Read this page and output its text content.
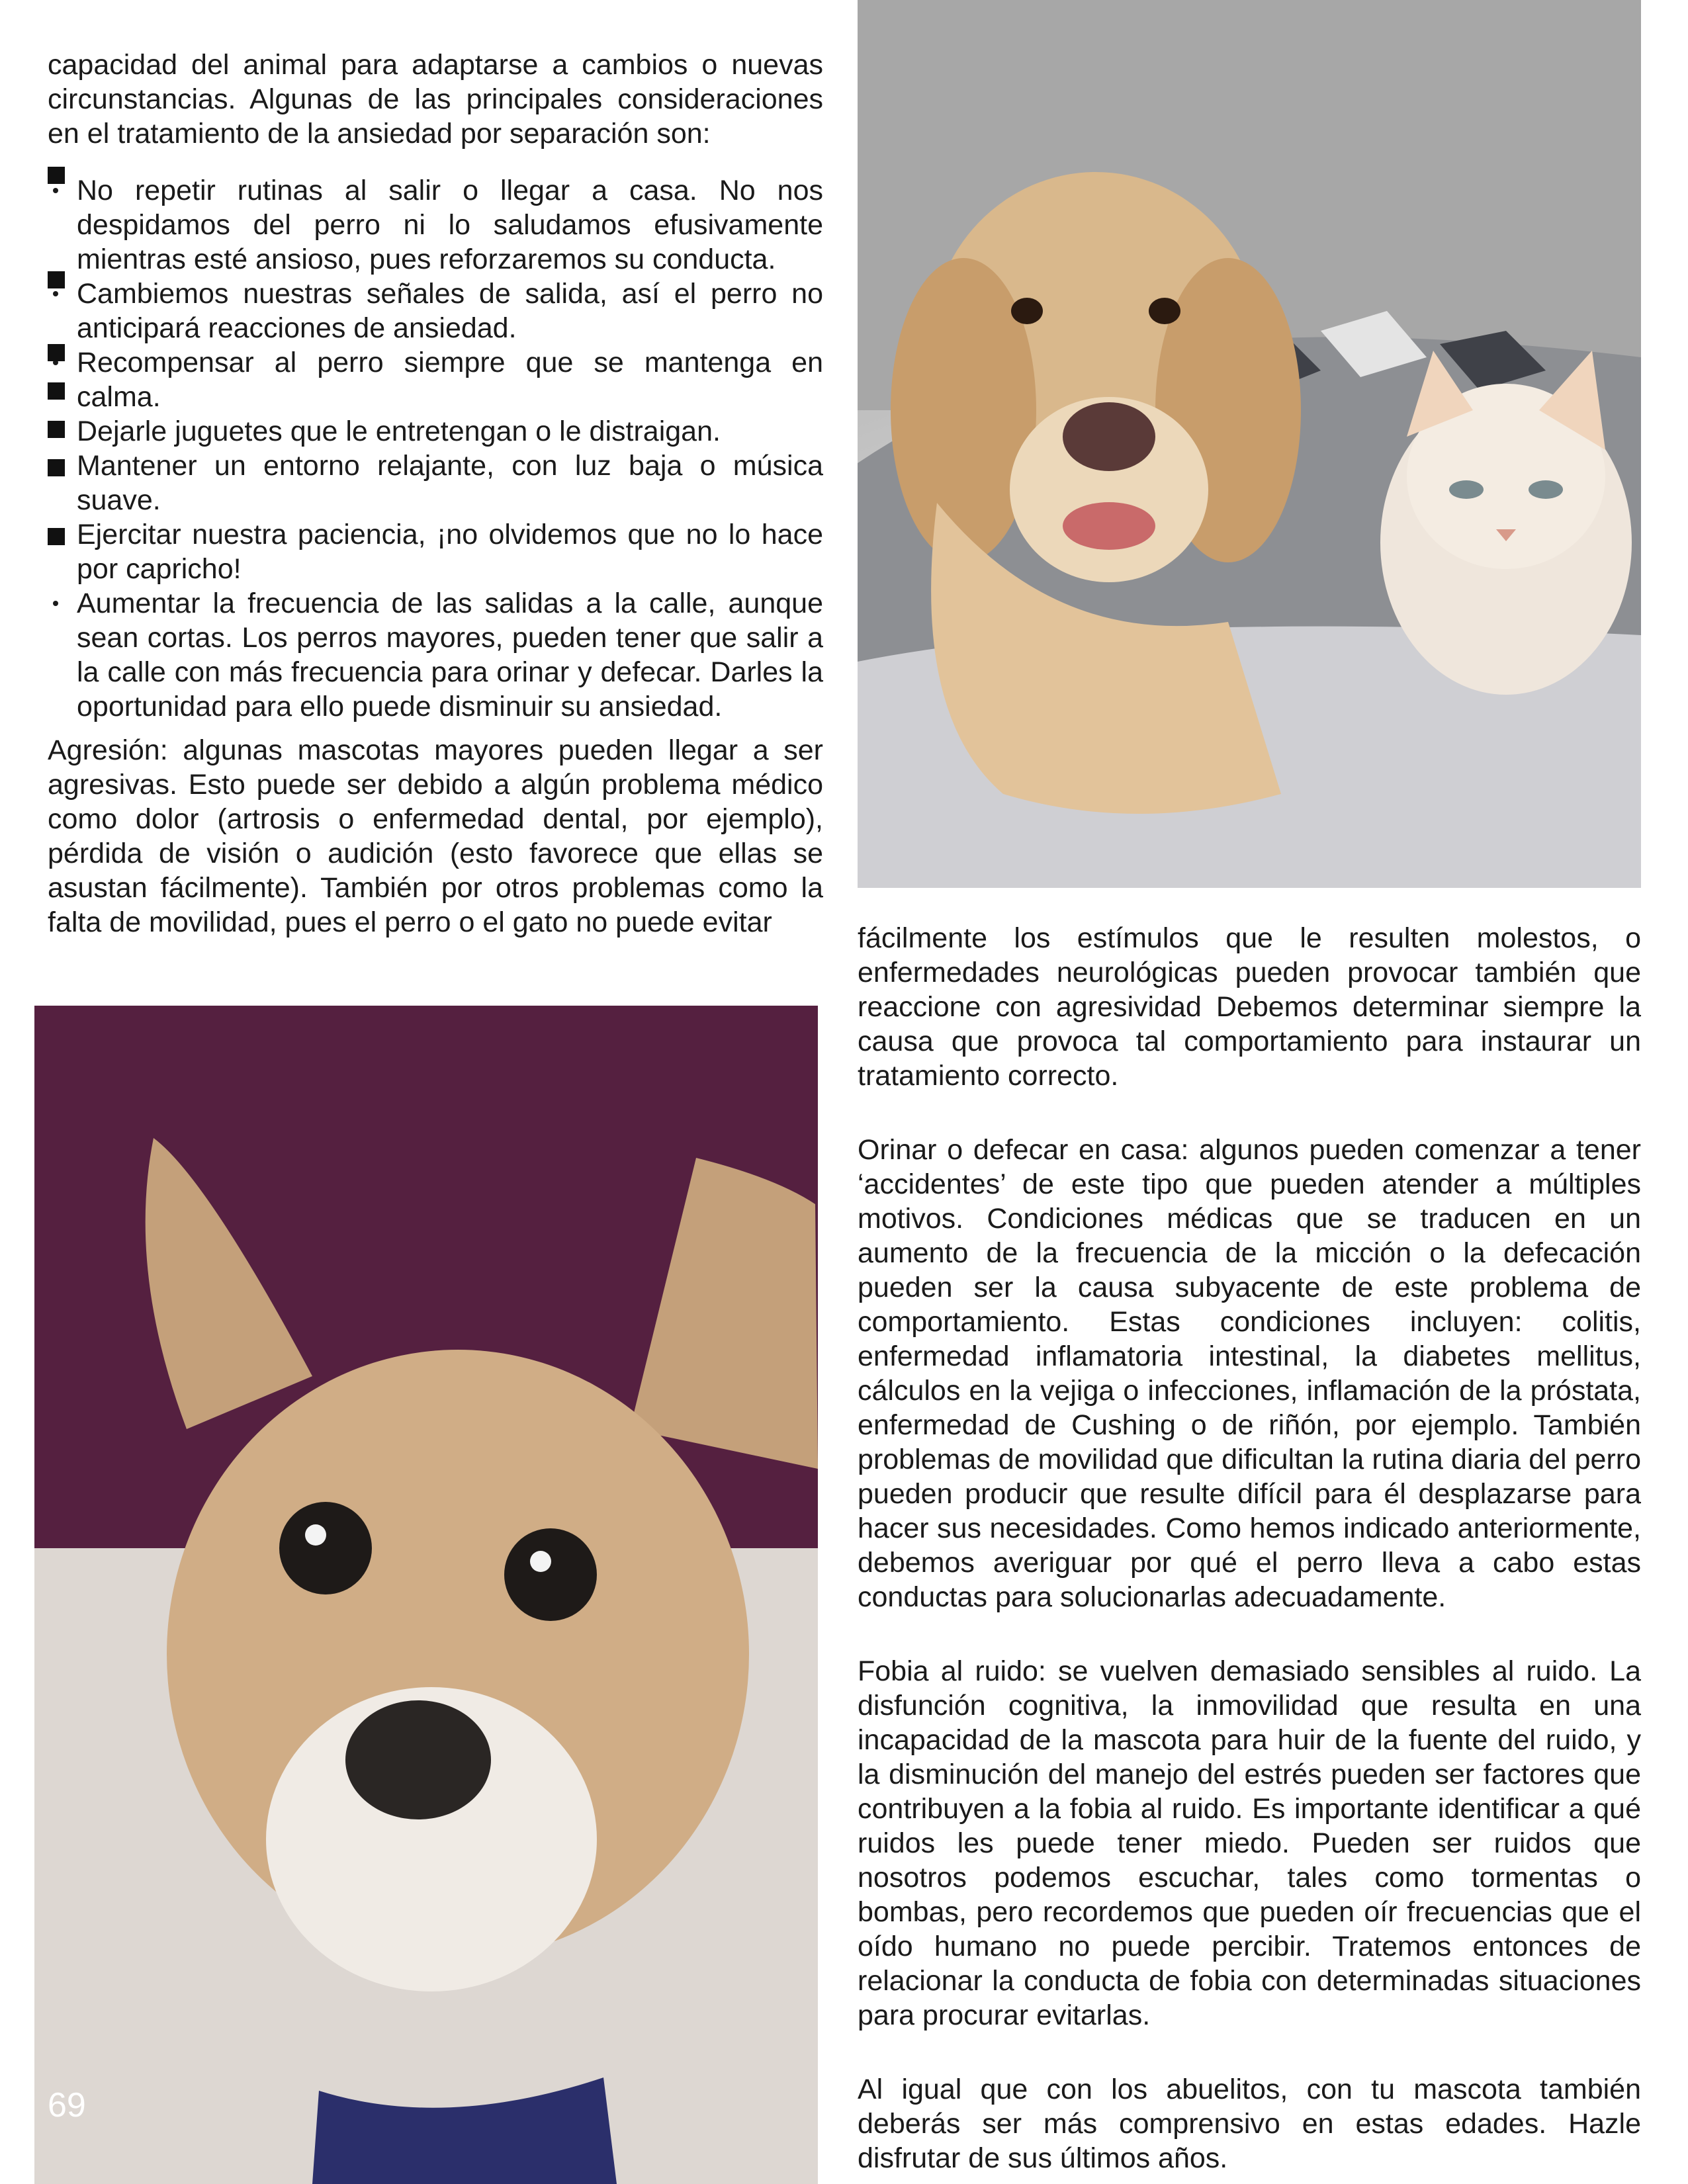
capacidad del animal para adaptarse a cambios o nuevas circunstancias. Algunas de las principales consideraciones en el tratamiento de la ansiedad por separación son:

No repetir rutinas al salir o llegar a casa. No nos despidamos del perro ni lo saludamos efusivamente mientras esté ansioso, pues reforzaremos su conducta.
Cambiemos nuestras señales de salida, así el perro no anticipará reacciones de ansiedad.
Recompensar al perro siempre que se mantenga en calma.
Dejarle juguetes que le entretengan o le distraigan.
Mantener un entorno relajante, con luz baja o música suave.
Ejercitar nuestra paciencia, ¡no olvidemos que no lo hace por capricho!
Aumentar la frecuencia de las salidas a la calle, aunque sean cortas. Los perros mayores, pueden tener que salir a la calle con más frecuencia para orinar y defecar. Darles la oportunidad para ello puede disminuir su ansiedad.

Agresión: algunas mascotas mayores pueden llegar a ser agresivas. Esto puede ser debido a algún problema médico como dolor (artrosis o enfermedad dental, por ejemplo), pérdida de visión o audición (esto favorece que ellas se asustan fácilmente). También por otros problemas como la falta de movilidad, pues el perro o el gato no puede evitar	fácilmente los estímulos que le resulten molestos, o enfermedades neurológicas pueden provocar también que reaccione con agresividad Debemos determinar siempre la causa que provoca tal comportamiento para instaurar un tratamiento correcto.

Orinar o defecar en casa: algunos pueden comenzar a tener ‘accidentes’ de este tipo que pueden atender a múltiples motivos. Condiciones médicas que se traducen en un aumento de la frecuencia de la micción o la defecación pueden ser la causa subyacente de este problema de comportamiento. Estas condiciones incluyen: colitis, enfermedad inflamatoria intestinal, la diabetes mellitus, cálculos en la vejiga o infecciones, inflamación de la próstata, enfermedad de Cushing o de riñón, por ejemplo. También problemas de movilidad que dificultan la rutina diaria del perro pueden producir que resulte difícil para él desplazarse para hacer sus necesidades. Como hemos indicado anteriormente, debemos averiguar por qué el perro lleva a cabo estas conductas para solucionarlas adecuadamente.

Fobia al ruido: se vuelven demasiado sensibles al ruido. La disfunción cognitiva, la inmovilidad que resulta en una incapacidad de la mascota para huir de la fuente del ruido, y la disminución del manejo del estrés pueden ser factores que contribuyen a la fobia al ruido. Es importante identificar a qué ruidos les puede tener miedo. Pueden ser ruidos que nosotros podemos escuchar, tales como tormentas o bombas, pero recordemos que pueden oír frecuencias que el oído humano no puede percibir. Tratemos entonces de relacionar la conducta de fobia con determinadas situaciones para procurar evitarlas.

Al igual que con los abuelitos, con tu mascota también deberás ser más comprensivo en estas edades. Hazle disfrutar de sus últimos años.

69
